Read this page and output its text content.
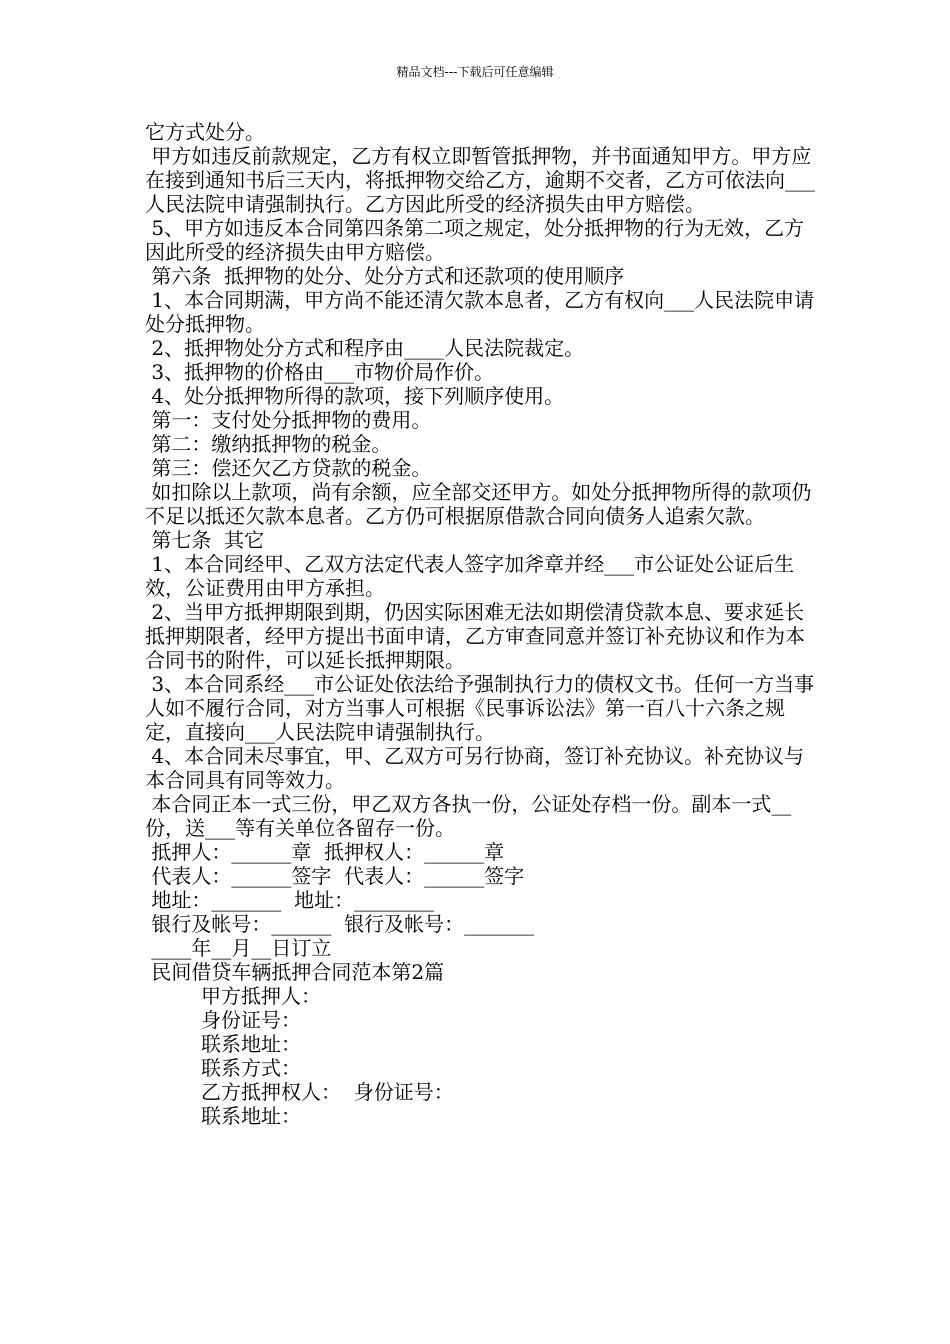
精品文档---下载后可任意编辑

它方式处分。

甲方如违反前款规定，乙方有权立即暂管抵押物，并书面通知甲方。甲方应在接到通知书后三天内，将抵押物交给乙方，逾期不交者，乙方可依法向___人民法院申请强制执行。乙方因此所受的经济损失由甲方赔偿。

5、甲方如违反本合同第四条第二项之规定，处分抵押物的行为无效，乙方因此所受的经济损失由甲方赔偿。

第六条  抵押物的处分、处分方式和还款项的使用顺序

1、本合同期满，甲方尚不能还清欠款本息者，乙方有权向___人民法院申请处分抵押物。

2、抵押物处分方式和程序由____人民法院裁定。

3、抵押物的价格由___市物价局作价。

4、处分抵押物所得的款项，接下列顺序使用。

第一：支付处分抵押物的费用。

第二：缴纳抵押物的税金。

第三：偿还欠乙方贷款的税金。

如扣除以上款项，尚有余额，应全部交还甲方。如处分抵押物所得的款项仍不足以抵还欠款本息者。乙方仍可根据原借款合同向债务人追索欠款。

第七条  其它

1、本合同经甲、乙双方法定代表人签字加斧章并经___市公证处公证后生效，公证费用由甲方承担。

2、当甲方抵押期限到期，仍因实际困难无法如期偿清贷款本息、要求延长抵押期限者，经甲方提出书面申请，乙方审查同意并签订补充协议和作为本合同书的附件，可以延长抵押期限。

3、本合同系经___市公证处依法给予强制执行力的债权文书。任何一方当事人如不履行合同，对方当事人可根据《民事诉讼法》第一百八十六条之规定，直接向___人民法院申请强制执行。

4、本合同未尽事宜，甲、乙双方可另行协商，签订补充协议。补充协议与本合同具有同等效力。

本合同正本一式三份，甲乙双方各执一份，公证处存档一份。副本一式__份，送___等有关单位各留存一份。

抵押人：______章  抵押权人：______章

代表人：______签字  代表人：______签字

地址：_______  地址：________

银行及帐号：______  银行及帐号：_______

____年__月__日订立

民间借贷车辆抵押合同范本第2篇

甲方抵押人：

身份证号：

联系地址：

联系方式：

乙方抵押权人：  身份证号：

联系地址：
